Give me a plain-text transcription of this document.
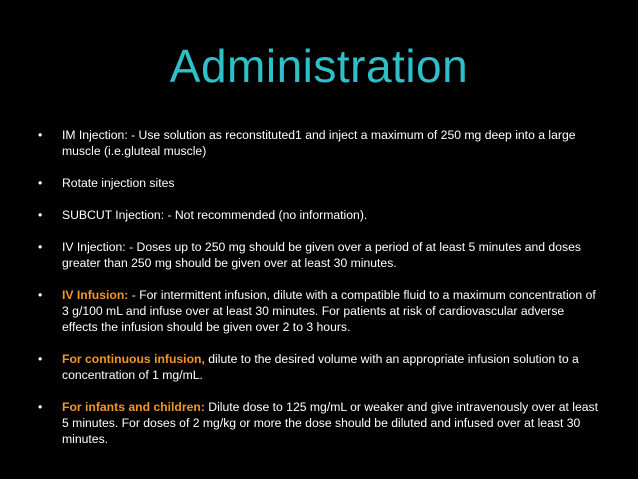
Administration
•	IM Injection: - Use solution as reconstituted1 and inject a maximum of 250 mg deep into a large muscle (i.e.gluteal muscle)
•	Rotate injection sites
•	SUBCUT Injection: - Not recommended (no information).
•	IV Injection: - Doses up to 250 mg should be given over a period of at least 5 minutes and doses greater than 250 mg should be given over at least 30 minutes.
•	IV Infusion: - For intermittent infusion, dilute with a compatible fluid to a maximum concentration of 3 g/100 mL and infuse over at least 30 minutes. For patients at risk of cardiovascular adverse effects the infusion should be given over 2 to 3 hours.
•	For continuous infusion, dilute to the desired volume with an appropriate infusion solution to a concentration of 1 mg/mL.
•	For infants and children: Dilute dose to 125 mg/mL or weaker and give intravenously over at least 5 minutes. For doses of 2 mg/kg or more the dose should be diluted and infused over at least 30 minutes.
